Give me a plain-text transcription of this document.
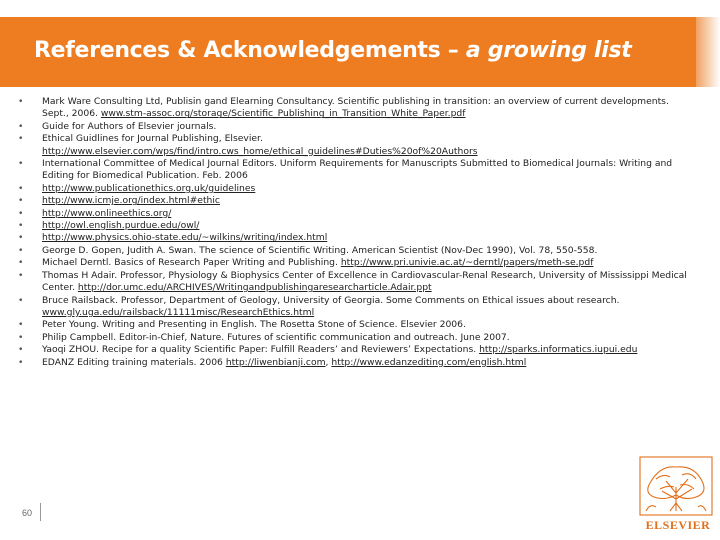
References & Acknowledgements – a growing list
•	Mark Ware Consulting Ltd, Publisin gand Elearning Consultancy. Scientific publishing in transition: an overview of current developments. Sept., 2006. www.stm-assoc.org/storage/Scientific_Publishing_in_Transition_White_Paper.pdf
•	Guide for Authors of Elsevier journals.
•	Ethical Guidlines for Journal Publishing, Elsevier. http://www.elsevier.com/wps/find/intro.cws_home/ethical_guidelines#Duties%20of%20Authors
•	International Committee of Medical Journal Editors. Uniform Requirements for Manuscripts Submitted to Biomedical Journals: Writing and Editing for Biomedical Publication. Feb. 2006
•	http://www.publicationethics.org.uk/guidelines
•	http://www.icmje.org/index.html#ethic
•	http://www.onlineethics.org/
•	http://owl.english.purdue.edu/owl/
•	http://www.physics.ohio-state.edu/~wilkins/writing/index.html
•	George D. Gopen, Judith A. Swan. The science of Scientific Writing. American Scientist (Nov-Dec 1990), Vol. 78, 550-558.
•	Michael Derntl. Basics of Research Paper Writing and Publishing. http://www.pri.univie.ac.at/~derntl/papers/meth-se.pdf
•	Thomas H Adair. Professor, Physiology & Biophysics Center of Excellence in Cardiovascular-Renal Research, University of Mississippi Medical Center. http://dor.umc.edu/ARCHIVES/Writingandpublishingaresearcharticle.Adair.ppt
•	Bruce Railsback. Professor, Department of Geology, University of Georgia. Some Comments on Ethical issues about research. www.gly.uga.edu/railsback/11111misc/ResearchEthics.html
•	Peter Young. Writing and Presenting in English. The Rosetta Stone of Science. Elsevier 2006.
•	Philip Campbell. Editor-in-Chief, Nature. Futures of scientific communication and outreach. June 2007.
•	Yaoqi ZHOU. Recipe for a quality Scientific Paper: Fulfill Readers’ and Reviewers’ Expectations. http://sparks.informatics.iupui.edu
•	EDANZ Editing training materials. 2006 http://liwenbianji.com, http://www.edanzediting.com/english.html
60
ELSEVIER
